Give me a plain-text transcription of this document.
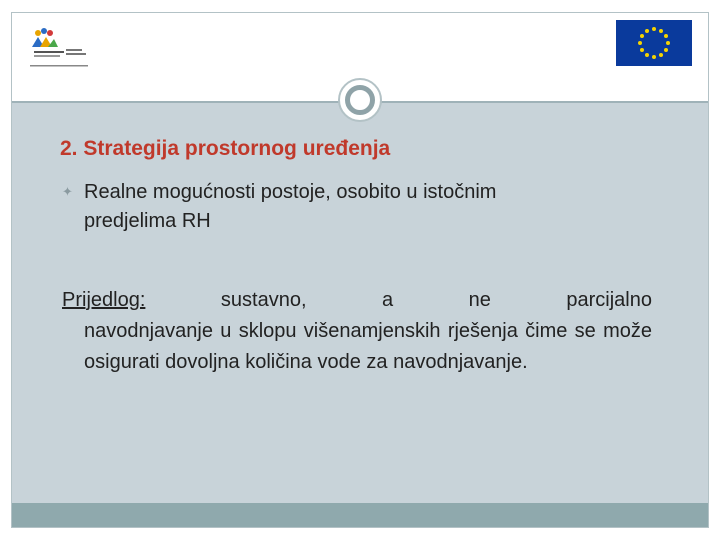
2. Strategija prostornog uređenja
✦ Realne mogućnosti postoje, osobito u istočnim
predjelima RH
Prijedlog:	sustavno,	a	ne	parcijalno
navodnjavanje u sklopu višenamjenskih rješenja čime se može osigurati dovoljna količina vode za navodnjavanje.
